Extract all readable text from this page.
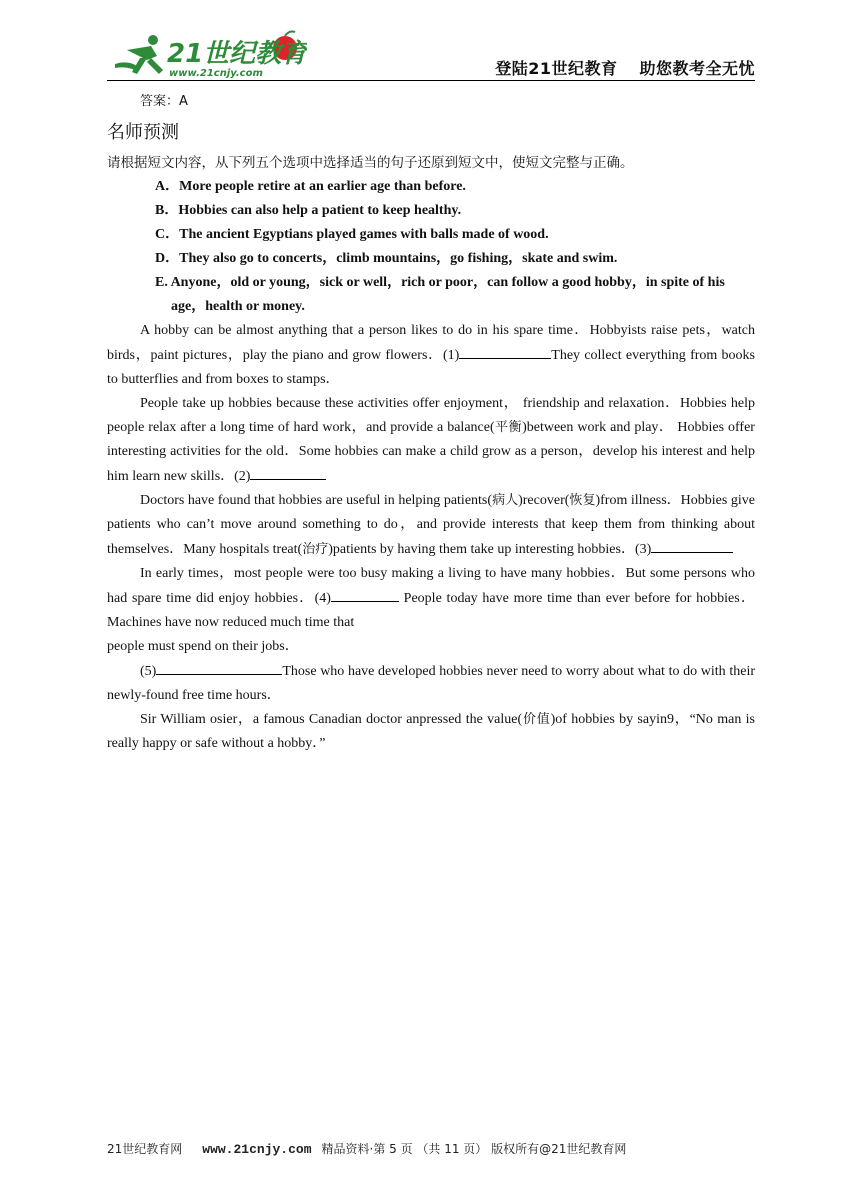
21世纪教育
www.21cnjy.com	登陆21世纪教育 助您教考全无忧
答案：A
名师预测
请根据短文内容，从下列五个选项中选择适当的句子还原到短文中，使短文完整与正确。
A．More people retire at an earlier age than before.
B．Hobbies can also help a patient to keep healthy.
C．The ancient Egyptians played games with balls made of wood.
D．They also go to concerts，climb mountains，go fishing，skate and swim.
E. Anyone，old or young，sick or well，rich or poor，can follow a good hobby，in spite of his age，health or money.

A hobby can be almost anything that a person likes to do in his spare time．Hobbyists raise pets，watch birds，paint pictures，play the piano and grow flowers．(1)	They collect everything from books to butterflies and from boxes to stamps．

People take up hobbies because these activities offer enjoyment， friendship and relaxation．Hobbies help people relax after a long time of hard work，and provide a balance(平衡)between work and play． Hobbies offer interesting activities for the old．Some hobbies can make a child grow as a person，develop his interest and help him learn new skills．(2)

Doctors have found that hobbies are useful in helping patients(病人)recover(恢复)from illness．Hobbies give patients who can’t move around something to do，and provide interests that keep them from thinking about themselves．Many hospitals treat(治疗)patients by having them take up interesting hobbies．(3)

In early times，most people were too busy making a living to have many hobbies．But some persons who had spare time did enjoy hobbies．(4)	People today have more time than ever before for hobbies．Machines have now reduced much time that

people must spend on their jobs．

(5)	Those who have developed hobbies never need to worry about what to do with their newly-found free time hours．

Sir William osier，a famous Canadian doctor anpressed the value(价值)of hobbies by sayin9，“No man is really happy or safe without a hobby．”

21世纪教育网 www.21cnjy.com 精品资料·第 5 页 （共 11 页） 版权所有@21世纪教育网
